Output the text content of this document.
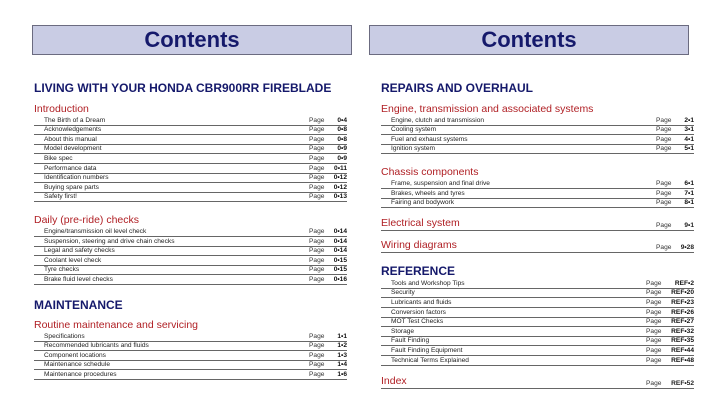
Contents	Contents
LIVING WITH YOUR HONDA CBR900RR FIREBLADE
Introduction
The Birth of a Dream	Page	0•4
Acknowledgements	Page	0•8
About this manual	Page	0•8
Model development	Page	0•9
Bike spec	Page	0•9
Performance data	Page	0•11
Identification numbers	Page	0•12
Buying spare parts	Page	0•12
Safety first!	Page	0•13
Daily (pre-ride) checks
Engine/transmission oil level check	Page	0•14
Suspension, steering and drive chain checks	Page	0•14
Legal and safety checks	Page	0•14
Coolant level check	Page	0•15
Tyre checks	Page	0•15
Brake fluid level checks	Page	0•16
MAINTENANCE
Routine maintenance and servicing
Specifications	Page	1•1
Recommended lubricants and fluids	Page	1•2
Component locations	Page	1•3
Maintenance schedule	Page	1•4
Maintenance procedures	Page	1•6
REPAIRS AND OVERHAUL
Engine, transmission and associated systems
Engine, clutch and transmission	Page	2•1
Cooling system	Page	3•1
Fuel and exhaust systems	Page	4•1
Ignition system	Page	5•1
Chassis components
Frame, suspension and final drive	Page	6•1
Brakes, wheels and tyres	Page	7•1
Fairing and bodywork	Page	8•1
Electrical system	Page	9•1
Wiring diagrams	Page	9•28
REFERENCE
Tools and Workshop Tips	Page	REF•2
Security	Page	REF•20
Lubricants and fluids	Page	REF•23
Conversion factors	Page	REF•26
MOT Test Checks	Page	REF•27
Storage	Page	REF•32
Fault Finding	Page	REF•35
Fault Finding Equipment	Page	REF•44
Technical Terms Explained	Page	REF•48
Index	Page	REF•52
